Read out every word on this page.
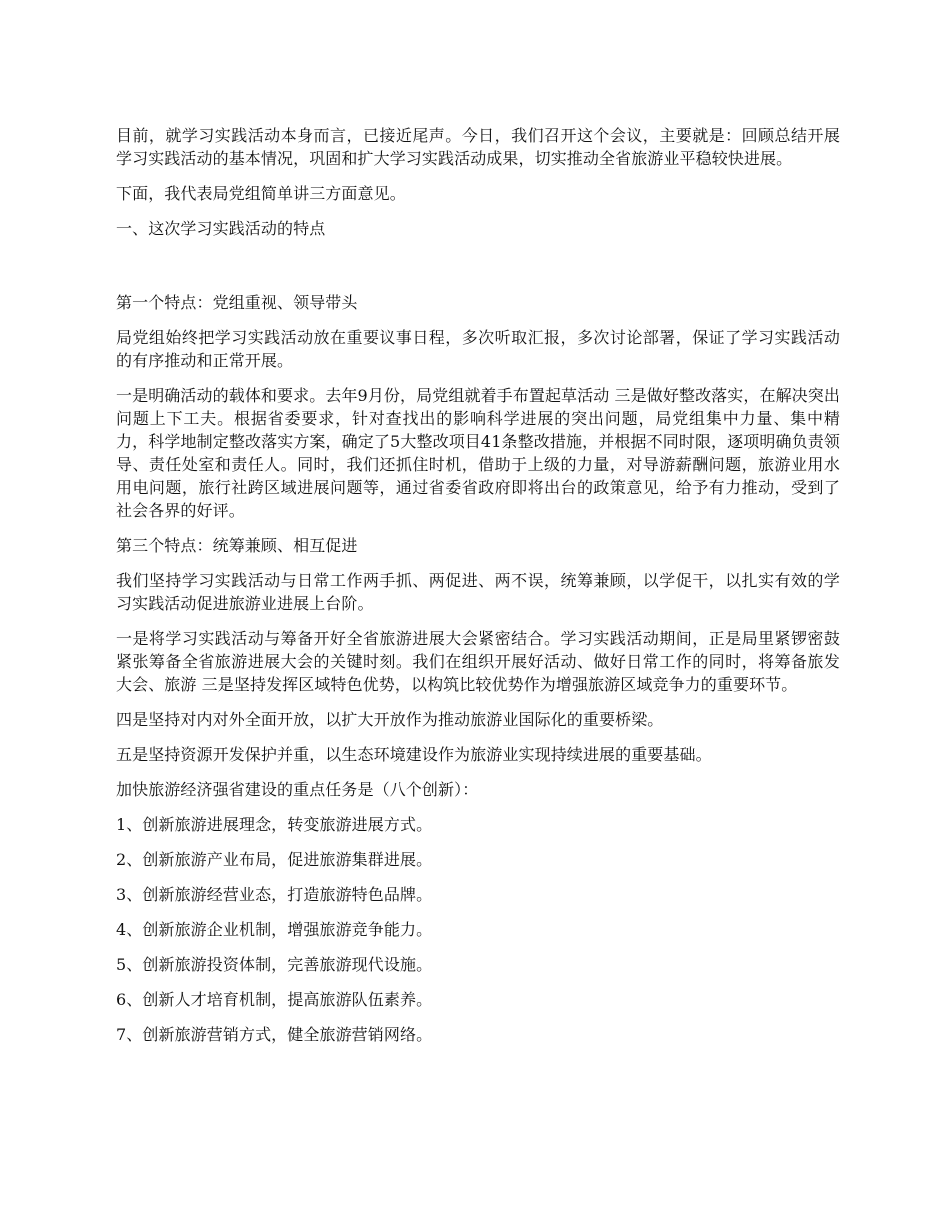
目前，就学习实践活动本身而言，已接近尾声。今日，我们召开这个会议，主要就是：回顾总结开展学习实践活动的基本情况，巩固和扩大学习实践活动成果，切实推动全省旅游业平稳较快进展。

下面，我代表局党组简单讲三方面意见。

一、这次学习实践活动的特点

第一个特点：党组重视、领导带头

局党组始终把学习实践活动放在重要议事日程，多次听取汇报，多次讨论部署，保证了学习实践活动的有序推动和正常开展。

一是明确活动的载体和要求。去年9月份，局党组就着手布置起草活动 三是做好整改落实，在解决突出问题上下工夫。根据省委要求，针对查找出的影响科学进展的突出问题，局党组集中力量、集中精力，科学地制定整改落实方案，确定了5大整改项目41条整改措施，并根据不同时限，逐项明确负责领导、责任处室和责任人。同时，我们还抓住时机，借助于上级的力量，对导游薪酬问题，旅游业用水用电问题，旅行社跨区域进展问题等，通过省委省政府即将出台的政策意见，给予有力推动，受到了社会各界的好评。

第三个特点：统筹兼顾、相互促进

我们坚持学习实践活动与日常工作两手抓、两促进、两不误，统筹兼顾，以学促干，以扎实有效的学习实践活动促进旅游业进展上台阶。

一是将学习实践活动与筹备开好全省旅游进展大会紧密结合。学习实践活动期间，正是局里紧锣密鼓紧张筹备全省旅游进展大会的关键时刻。我们在组织开展好活动、做好日常工作的同时，将筹备旅发大会、旅游 三是坚持发挥区域特色优势，以构筑比较优势作为增强旅游区域竞争力的重要环节。

四是坚持对内对外全面开放，以扩大开放作为推动旅游业国际化的重要桥梁。

五是坚持资源开发保护并重，以生态环境建设作为旅游业实现持续进展的重要基础。

加快旅游经济强省建设的重点任务是（八个创新）：

1、创新旅游进展理念，转变旅游进展方式。

2、创新旅游产业布局，促进旅游集群进展。

3、创新旅游经营业态，打造旅游特色品牌。

4、创新旅游企业机制，增强旅游竞争能力。

5、创新旅游投资体制，完善旅游现代设施。

6、创新人才培育机制，提高旅游队伍素养。

7、创新旅游营销方式，健全旅游营销网络。
